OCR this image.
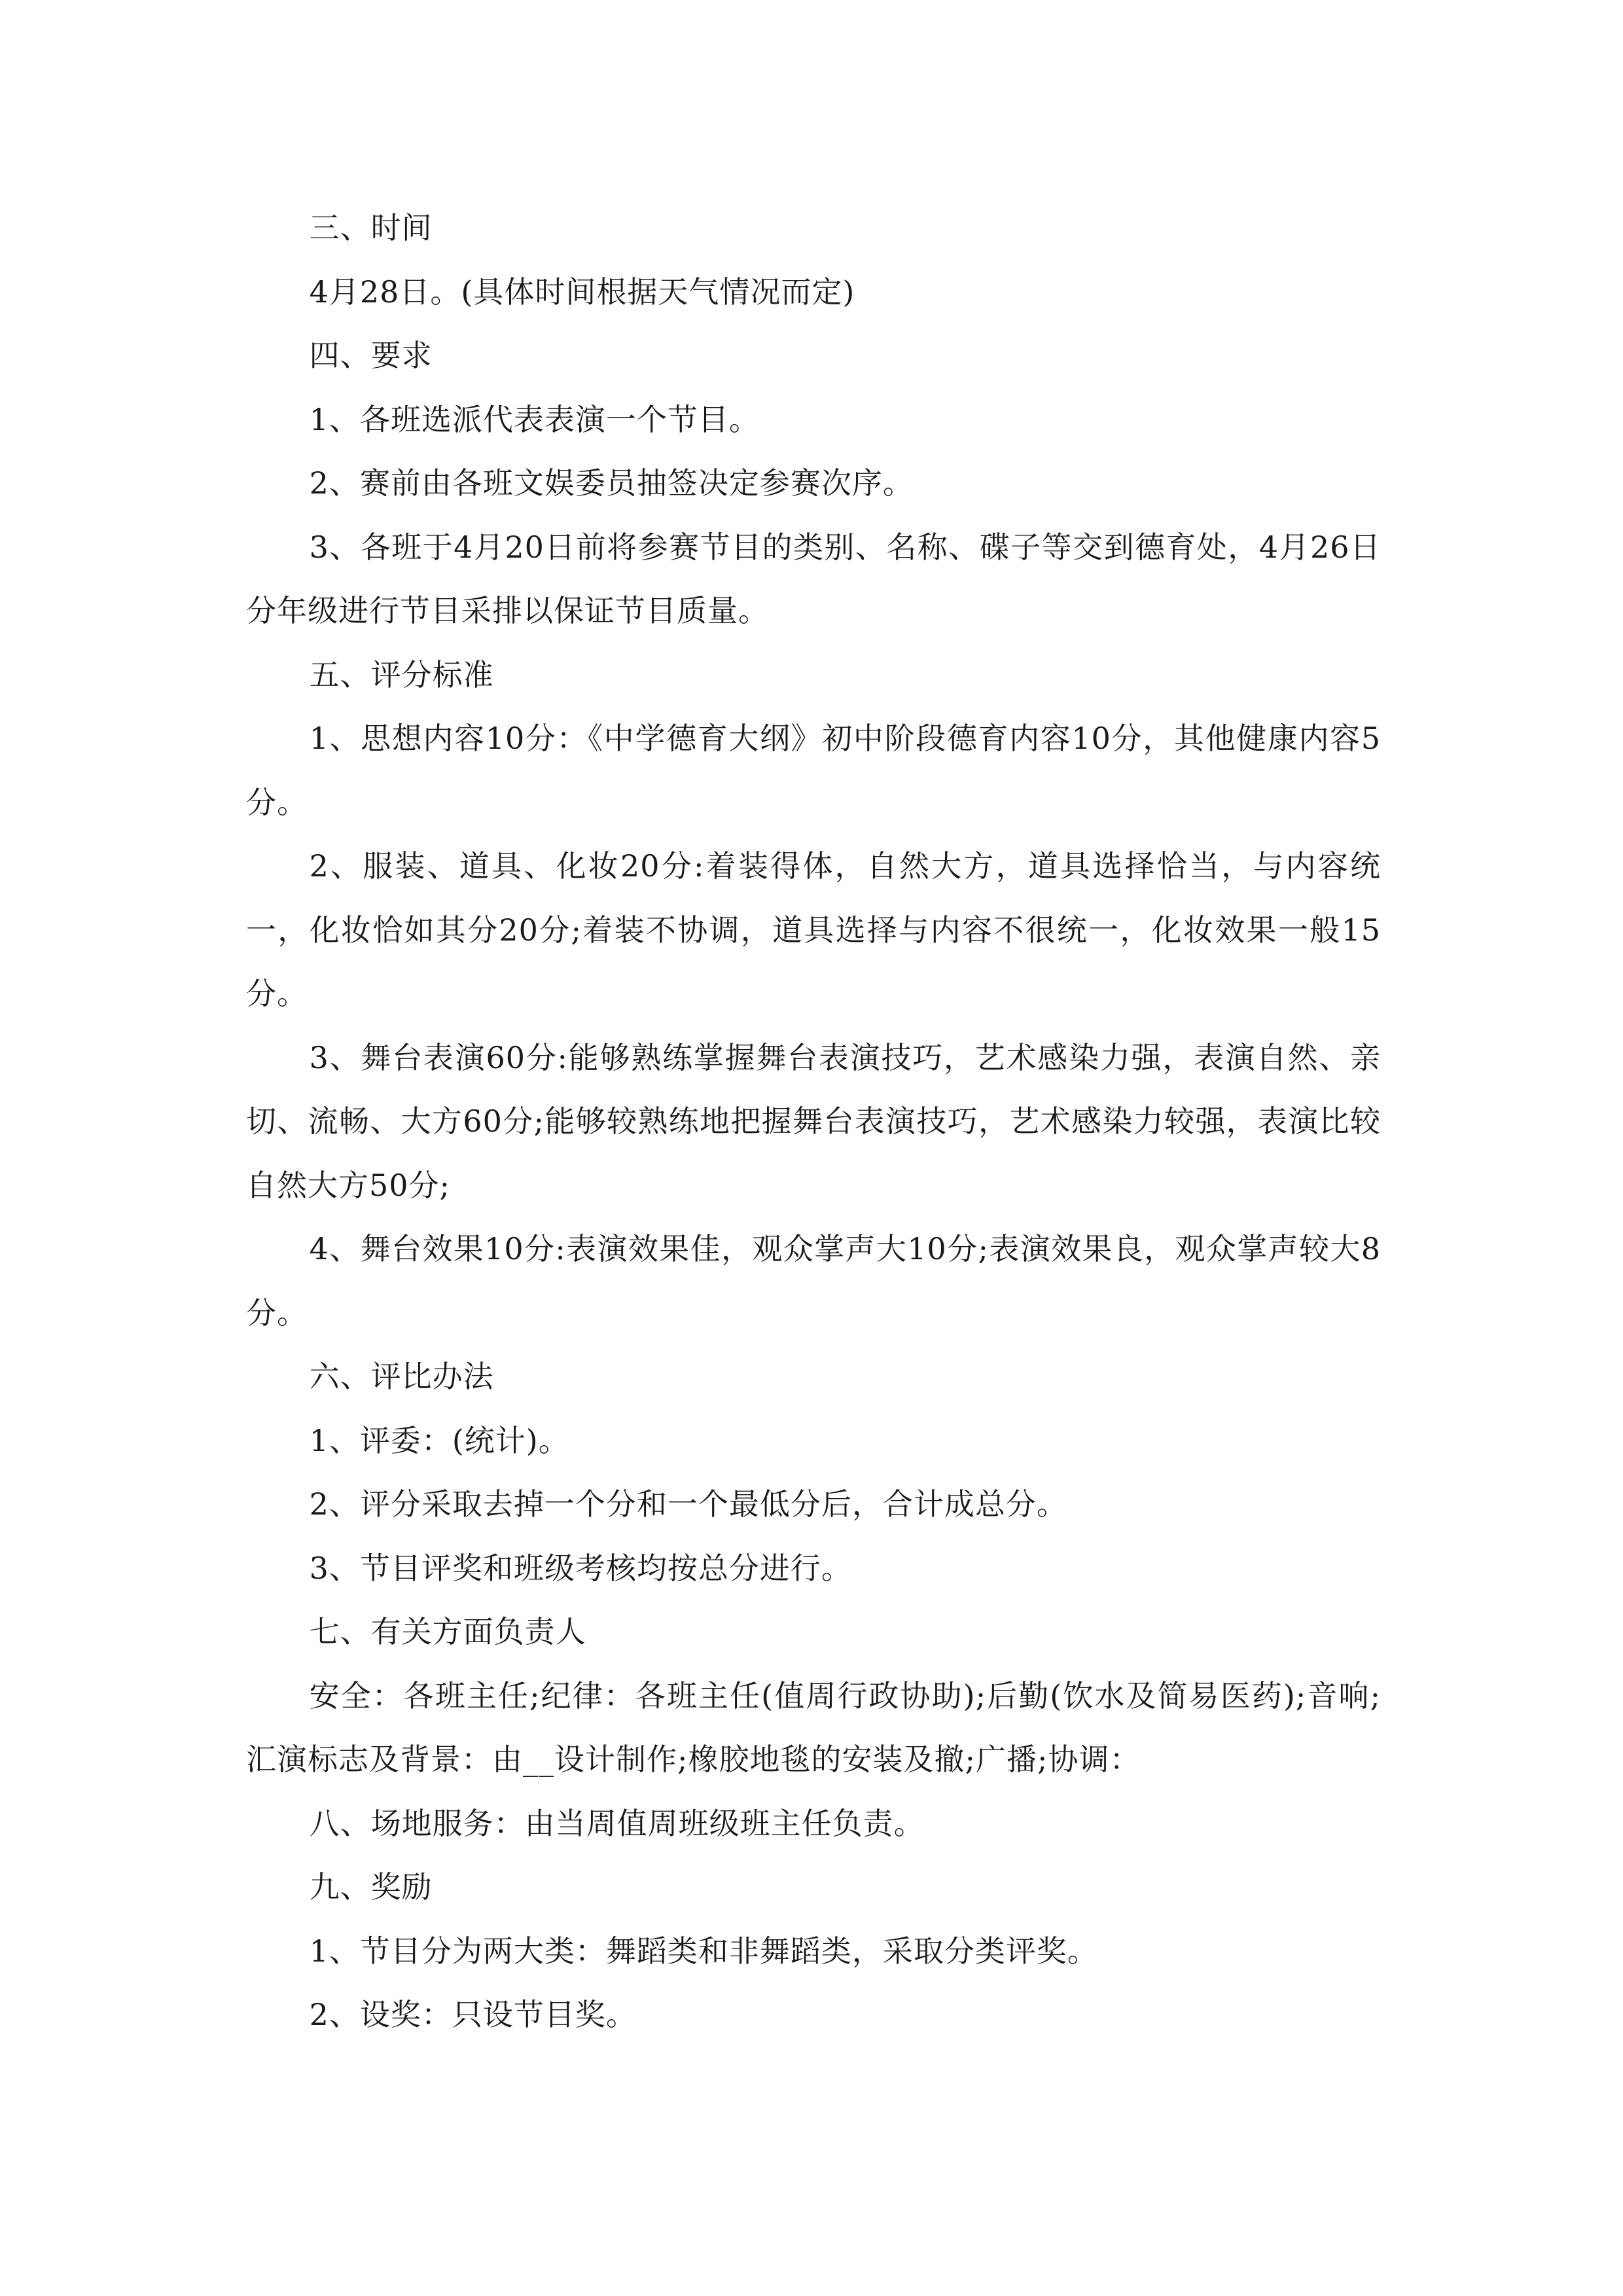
三、时间

4月28日。(具体时间根据天气情况而定)

四、要求

1、各班选派代表表演一个节目。

2、赛前由各班文娱委员抽签决定参赛次序。

3、各班于4月20日前将参赛节目的类别、名称、碟子等交到德育处，4月26日分年级进行节目采排以保证节目质量。

五、评分标准

1、思想内容10分：《中学德育大纲》初中阶段德育内容10分，其他健康内容5分。

2、服装、道具、化妆20分:着装得体，自然大方，道具选择恰当，与内容统一，化妆恰如其分20分;着装不协调，道具选择与内容不很统一，化妆效果一般15分。

3、舞台表演60分:能够熟练掌握舞台表演技巧，艺术感染力强，表演自然、亲切、流畅、大方60分;能够较熟练地把握舞台表演技巧，艺术感染力较强，表演比较自然大方50分;

4、舞台效果10分:表演效果佳，观众掌声大10分;表演效果良，观众掌声较大8分。

六、评比办法

1、评委：(统计)。

2、评分采取去掉一个分和一个最低分后，合计成总分。

3、节目评奖和班级考核均按总分进行。

七、有关方面负责人

安全：各班主任;纪律：各班主任(值周行政协助);后勤(饮水及简易医药);音响;汇演标志及背景：由__设计制作;橡胶地毯的安装及撤;广播;协调：

八、场地服务：由当周值周班级班主任负责。

九、奖励

1、节目分为两大类：舞蹈类和非舞蹈类，采取分类评奖。

2、设奖：只设节目奖。
